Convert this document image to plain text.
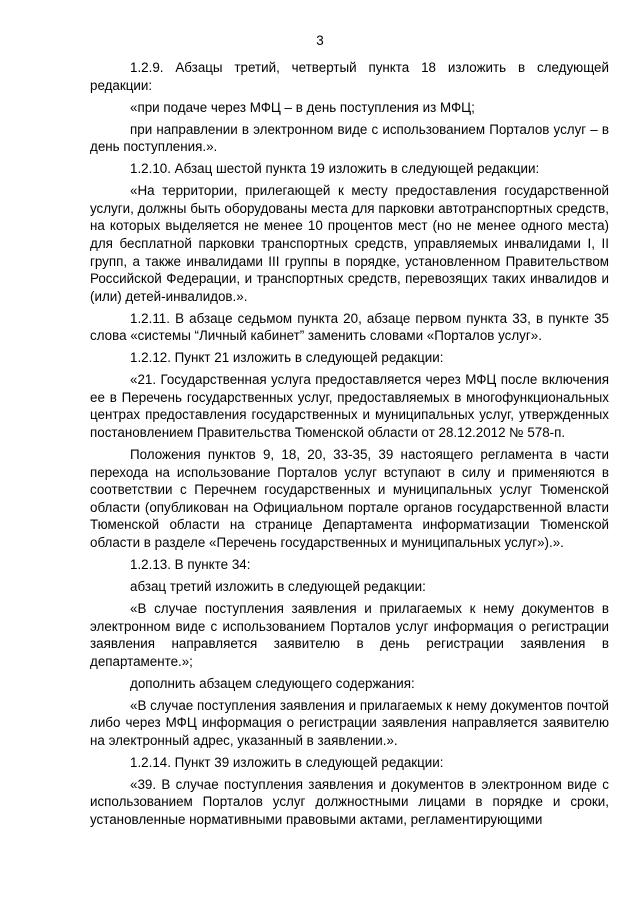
3

1.2.9. Абзацы третий, четвертый пункта 18 изложить в следующей редакции:

«при подаче через МФЦ – в день поступления из МФЦ;

при направлении в электронном виде с использованием Порталов услуг – в день поступления.».

1.2.10. Абзац шестой пункта 19 изложить в следующей редакции:

«На территории, прилегающей к месту предоставления государственной услуги, должны быть оборудованы места для парковки автотранспортных средств, на которых выделяется не менее 10 процентов мест (но не менее одного места) для бесплатной парковки транспортных средств, управляемых инвалидами I, II групп, а также инвалидами III группы в порядке, установленном Правительством Российской Федерации, и транспортных средств, перевозящих таких инвалидов и (или) детей-инвалидов.».

1.2.11. В абзаце седьмом пункта 20, абзаце первом пункта 33, в пункте 35 слова «системы “Личный кабинет” заменить словами «Порталов услуг».

1.2.12. Пункт 21 изложить в следующей редакции:

«21. Государственная услуга предоставляется через МФЦ после включения ее в Перечень государственных услуг, предоставляемых в многофункциональных центрах предоставления государственных и муниципальных услуг, утвержденных постановлением Правительства Тюменской области от 28.12.2012 № 578-п.

Положения пунктов 9, 18, 20, 33-35, 39 настоящего регламента в части перехода на использование Порталов услуг вступают в силу и применяются в соответствии с Перечнем государственных и муниципальных услуг Тюменской области (опубликован на Официальном портале органов государственной власти Тюменской области на странице Департамента информатизации Тюменской области в разделе «Перечень государственных и муниципальных услуг»).».

1.2.13. В пункте 34:

абзац третий изложить в следующей редакции:

«В случае поступления заявления и прилагаемых к нему документов в электронном виде с использованием Порталов услуг информация о регистрации заявления направляется заявителю в день регистрации заявления в департаменте.»;

дополнить абзацем следующего содержания:

«В случае поступления заявления и прилагаемых к нему документов почтой либо через МФЦ информация о регистрации заявления направляется заявителю на электронный адрес, указанный в заявлении.».

1.2.14. Пункт 39 изложить в следующей редакции:

«39. В случае поступления заявления и документов в электронном виде с использованием Порталов услуг должностными лицами в порядке и сроки, установленные нормативными правовыми актами, регламентирующими
